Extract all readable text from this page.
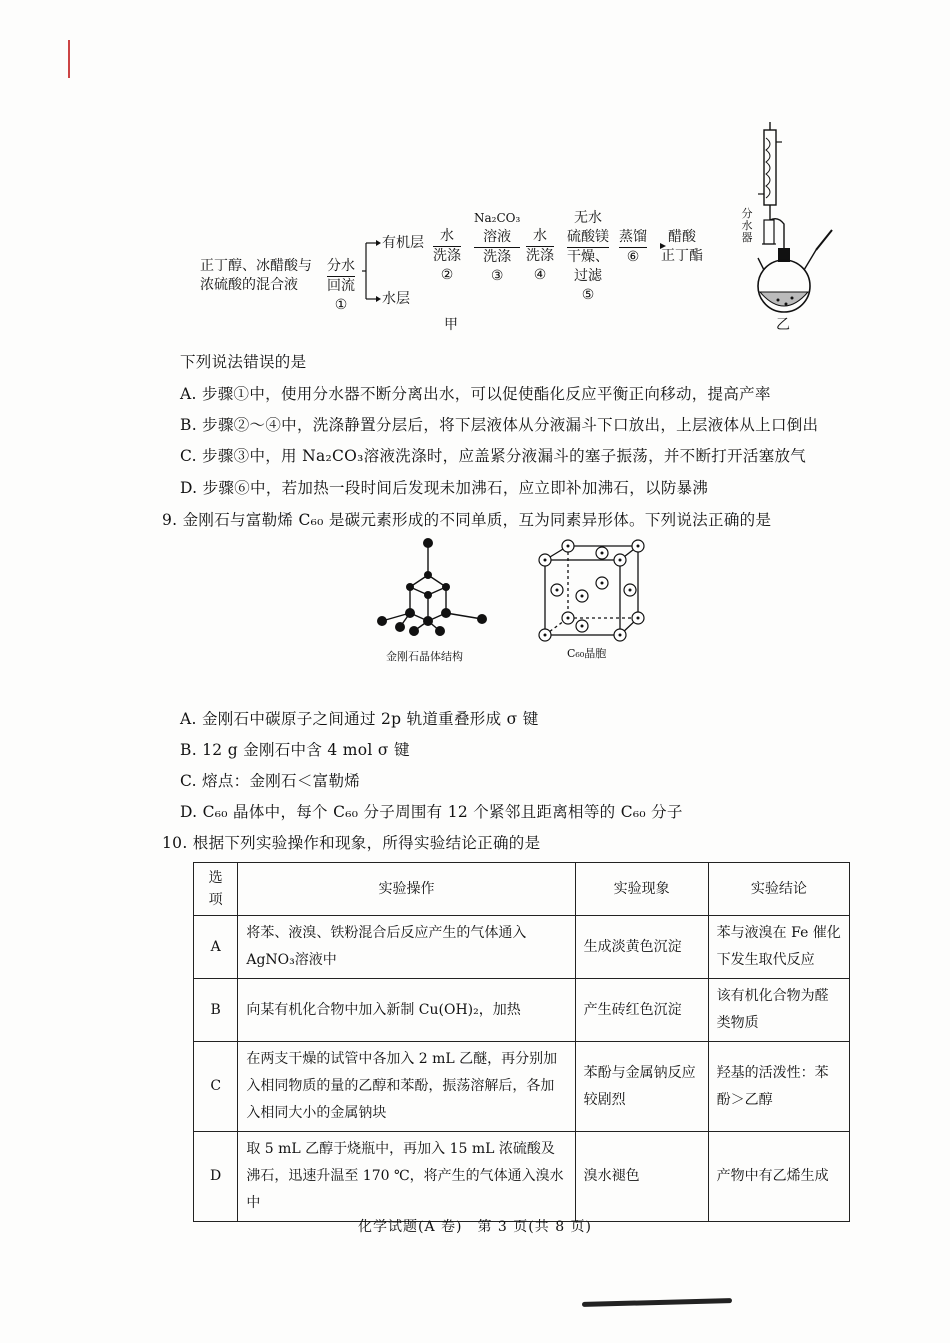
正丁醇、冰醋酸与
浓硫酸的混合液
分水
回流
①
有机层
水层
水
洗涤
②
Na₂CO₃
溶液
洗涤
③
水
洗涤
④
无水
硫酸镁
干燥、
过滤
⑤
蒸馏
⑥
醋酸
正丁酯
甲
分水器
乙
下列说法错误的是
A. 步骤①中，使用分水器不断分离出水，可以促使酯化反应平衡正向移动，提高产率
B. 步骤②～④中，洗涤静置分层后，将下层液体从分液漏斗下口放出，上层液体从上口倒出
C. 步骤③中，用 Na₂CO₃溶液洗涤时，应盖紧分液漏斗的塞子振荡，并不断打开活塞放气
D. 步骤⑥中，若加热一段时间后发现未加沸石，应立即补加沸石，以防暴沸
9. 金刚石与富勒烯 C₆₀ 是碳元素形成的不同单质，互为同素异形体。下列说法正确的是
金刚石晶体结构	C₆₀晶胞
A. 金刚石中碳原子之间通过 2p 轨道重叠形成 σ 键
B. 12 g 金刚石中含 4 mol σ 键
C. 熔点：金刚石＜富勒烯
D. C₆₀ 晶体中，每个 C₆₀ 分子周围有 12 个紧邻且距离相等的 C₆₀ 分子
10. 根据下列实验操作和现象，所得实验结论正确的是
选项	实验操作	实验现象	实验结论
A	将苯、液溴、铁粉混合后反应产生的气体通入AgNO₃溶液中	生成淡黄色沉淀	苯与液溴在 Fe 催化下发生取代反应
B	向某有机化合物中加入新制 Cu(OH)₂，加热	产生砖红色沉淀	该有机化合物为醛类物质
C	在两支干燥的试管中各加入 2 mL 乙醚，再分别加入相同物质的量的乙醇和苯酚，振荡溶解后，各加入相同大小的金属钠块	苯酚与金属钠反应较剧烈	羟基的活泼性：苯酚＞乙醇
D	取 5 mL 乙醇于烧瓶中，再加入 15 mL 浓硫酸及沸石，迅速升温至 170 ℃，将产生的气体通入溴水中	溴水褪色	产物中有乙烯生成
化学试题(A 卷)　第 3 页(共 8 页)
